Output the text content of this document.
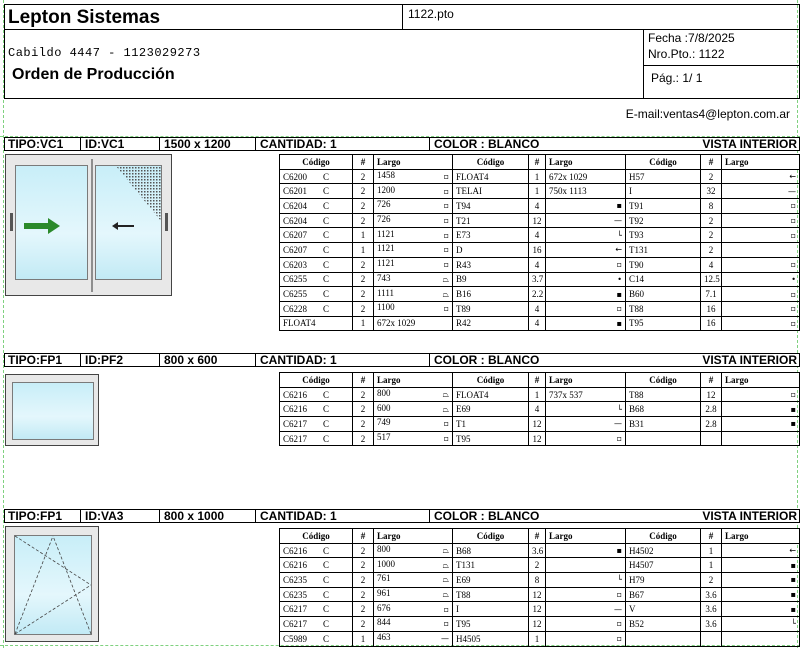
Lepton Sistemas	1122.pto
Cabildo 4447 - 1123029273
Orden de Producción
Fecha :7/8/2025
Nro.Pto.: 1122
Pág.: 1/ 1
E-mail:ventas4@lepton.com.ar
TIPO:VC1 ID:VC1	1500 x 1200 CANTIDAD: 1	COLOR : BLANCO	VISTA INTERIOR
Código	#	Largo	Código	#	Largo	Código	#	Largo
C6200 C	2	1458 ▫	FLOAT4	1	672x 1029	H57	2	←

C6201 C	2	1200 ▫	TELAI	1	750x 1113	I	32	—

C6204 C	2	726 ▫	T94	4	▪	T91	8	▫

C6204 C	2	726 ▫	T21	12	—	T92	2	▫

C6207 C	1	1121 ▫	E73	4	└	T93	2	▫

C6207 C	1	1121 ▫	D	16	←	T131	2	
C6203 C	2	1121 ▫	R43	4	▫	T90	4	▫

C6255 C	2	743 ⏢	B9	3.7	•	C14	12.5	•

C6255 C	2	1111 ⏢	B16	2.2	▪	B60	7.1	▫

C6228 C	2	1100 ▫	T89	4	▫	T88	16	▫

FLOAT4	1	672x 1029	R42	4	▪	T95	16	▫
TIPO:FP1 ID:PF2	800 x 600	CANTIDAD: 1	COLOR : BLANCO	VISTA INTERIOR
Código	#	Largo	Código	#	Largo	Código	#	Largo
C6216 C	2	800 ⏢	FLOAT4	1	737x 537	T88	12	▫

C6216 C	2	600 ⏢	E69	4	└	B68	2.8	▪

C6217 C	2	749 ▫	T1	12	—	B31	2.8	▪

C6217 C	2	517 ▫	T95	12	▫			

TIPO:FP1 ID:VA3	800 x 1000	CANTIDAD: 1	COLOR : BLANCO	VISTA INTERIOR
Código	#	Largo	Código	#	Largo	Código	#	Largo
C6216 C	2	800 ⏢	B68	3.6	▪	H4502	1	←

C6216 C	2	1000 ⏢	T131	2		H4507	1	▪

C6235 C	2	761 ⏢	E69	8	└	H79	2	▪

C6235 C	2	961 ⏢	T88	12	▫	B67	3.6	▪

C6217 C	2	676 ▫	I	12	—	V	3.6	▪

C6217 C	2	844 ▫	T95	12	▫	B52	3.6	└

C5989 C	1	463 —	H4505	1	▫			
